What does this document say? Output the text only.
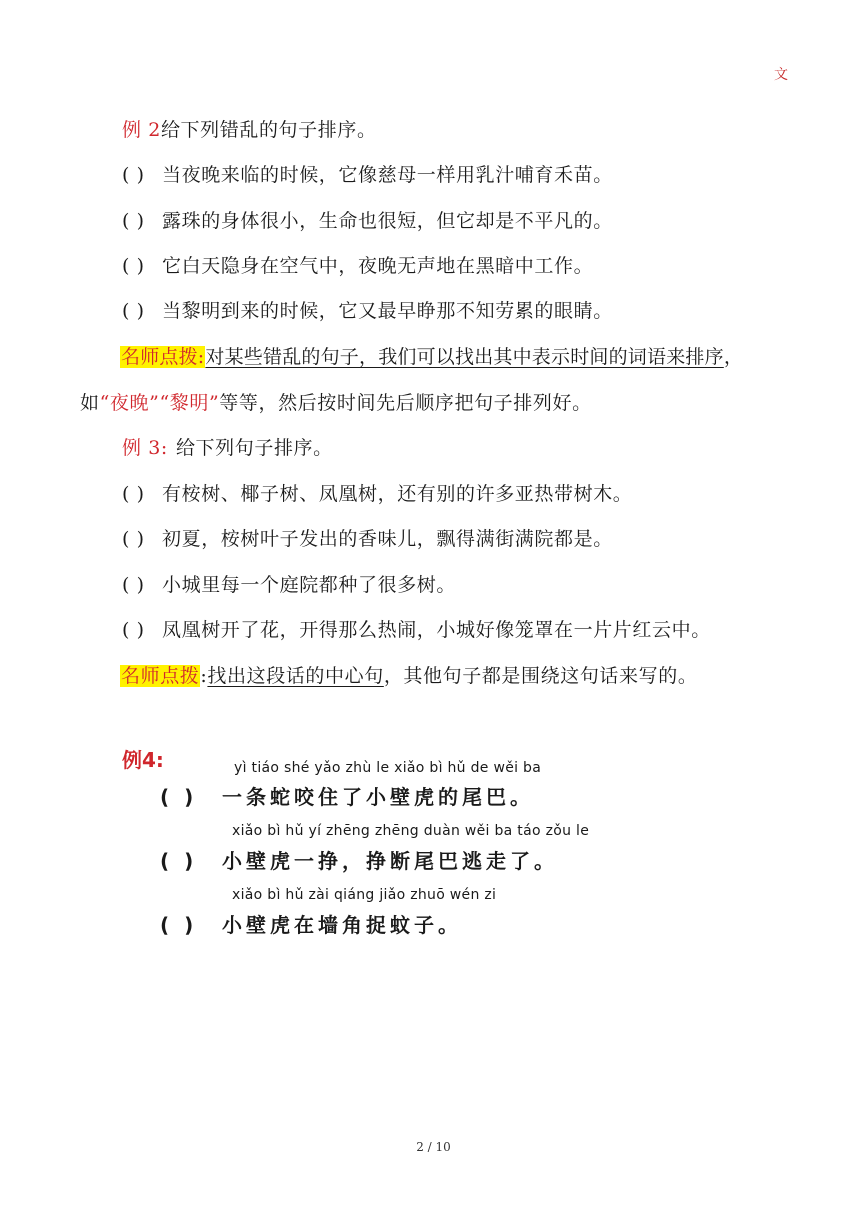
文
例 2给下列错乱的句子排序。
( ) 当夜晚来临的时候，它像慈母一样用乳汁哺育禾苗。
( ) 露珠的身体很小，生命也很短，但它却是不平凡的。
( ) 它白天隐身在空气中，夜晚无声地在黑暗中工作。
( ) 当黎明到来的时候，它又最早睁那不知劳累的眼睛。
名师点拨:对某些错乱的句子，我们可以找出其中表示时间的词语来排序，
如“夜晚”“黎明”等等，然后按时间先后顺序把句子排列好。
例 3: 给下列句子排序。
( ) 有桉树、椰子树、凤凰树，还有别的许多亚热带树木。
( ) 初夏，桉树叶子发出的香味儿，飘得满街满院都是。
( ) 小城里每一个庭院都种了很多树。
( ) 凤凰树开了花，开得那么热闹，小城好像笼罩在一片片红云中。
名师点拨:找出这段话的中心句，其他句子都是围绕这句话来写的。
例4:	yì tiáo shé yǎo zhù le xiǎo bì hǔ de wěi ba
( ) 一条蛇咬住了小壁虎的尾巴。
xiǎo bì hǔ yí zhēng zhēng duàn wěi ba táo zǒu le
( ) 小壁虎一挣，挣断尾巴逃走了。
xiǎo bì hǔ zài qiáng jiǎo zhuō wén zi
( ) 小壁虎在墙角捉蚊子。
2 / 10
